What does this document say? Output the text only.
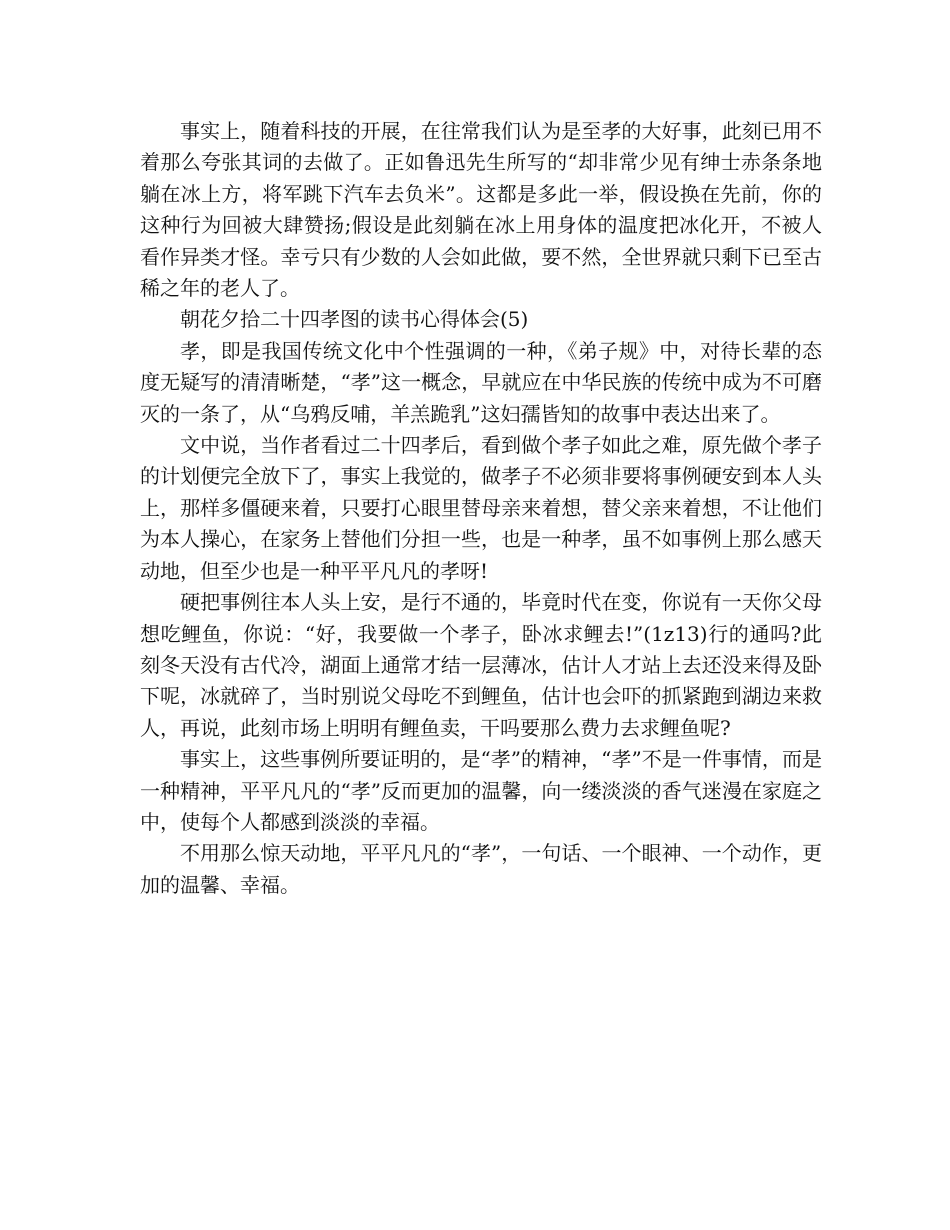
事实上，随着科技的开展，在往常我们认为是至孝的大好事，此刻已用不着那么夸张其词的去做了。正如鲁迅先生所写的“却非常少见有绅士赤条条地躺在冰上方，将军跳下汽车去负米”。这都是多此一举，假设换在先前，你的这种行为回被大肆赞扬;假设是此刻躺在冰上用身体的温度把冰化开，不被人看作异类才怪。幸亏只有少数的人会如此做，要不然，全世界就只剩下已至古稀之年的老人了。

朝花夕拾二十四孝图的读书心得体会(5)

孝，即是我国传统文化中个性强调的一种，《弟子规》中，对待长辈的态度无疑写的清清晰楚，“孝”这一概念，早就应在中华民族的传统中成为不可磨灭的一条了，从“乌鸦反哺，羊羔跪乳”这妇孺皆知的故事中表达出来了。

文中说，当作者看过二十四孝后，看到做个孝子如此之难，原先做个孝子的计划便完全放下了，事实上我觉的，做孝子不必须非要将事例硬安到本人头上，那样多僵硬来着，只要打心眼里替母亲来着想，替父亲来着想，不让他们为本人操心，在家务上替他们分担一些，也是一种孝，虽不如事例上那么感天动地，但至少也是一种平平凡凡的孝呀!

硬把事例往本人头上安，是行不通的，毕竟时代在变，你说有一天你父母想吃鲤鱼，你说：“好，我要做一个孝子，卧冰求鲤去!”(1z13)行的通吗?此刻冬天没有古代冷，湖面上通常才结一层薄冰，估计人才站上去还没来得及卧下呢，冰就碎了，当时别说父母吃不到鲤鱼，估计也会吓的抓紧跑到湖边来救人，再说，此刻市场上明明有鲤鱼卖，干吗要那么费力去求鲤鱼呢?

事实上，这些事例所要证明的，是“孝”的精神，“孝”不是一件事情，而是一种精神，平平凡凡的“孝”反而更加的温馨，向一缕淡淡的香气迷漫在家庭之中，使每个人都感到淡淡的幸福。

不用那么惊天动地，平平凡凡的“孝”，一句话、一个眼神、一个动作，更加的温馨、幸福。
